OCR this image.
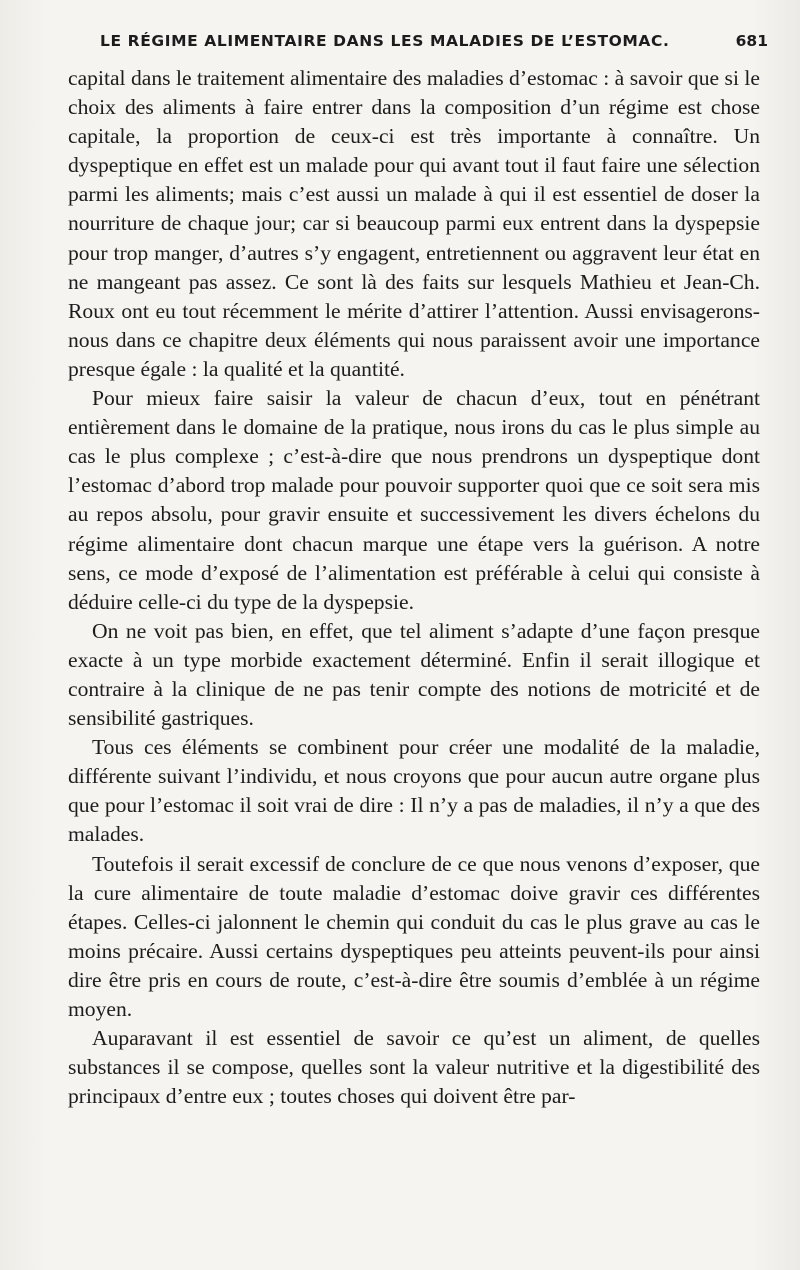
LE RÉGIME ALIMENTAIRE DANS LES MALADIES DE L’ESTOMAC.	681

capital dans le traitement alimentaire des maladies d’estomac : à savoir que si le choix des aliments à faire entrer dans la composition d’un régime est chose capitale, la proportion de ceux-ci est très importante à connaître. Un dyspeptique en effet est un malade pour qui avant tout il faut faire une sélection parmi les aliments; mais c’est aussi un malade à qui il est essentiel de doser la nourriture de chaque jour; car si beaucoup parmi eux entrent dans la dyspepsie pour trop manger, d’autres s’y engagent, entretiennent ou aggravent leur état en ne mangeant pas assez. Ce sont là des faits sur lesquels Mathieu et Jean-Ch. Roux ont eu tout récemment le mérite d’attirer l’attention. Aussi envisagerons-nous dans ce chapitre deux éléments qui nous paraissent avoir une importance presque égale : la qualité et la quantité.

Pour mieux faire saisir la valeur de chacun d’eux, tout en pénétrant entièrement dans le domaine de la pratique, nous irons du cas le plus simple au cas le plus complexe ; c’est-à-dire que nous prendrons un dyspeptique dont l’estomac d’abord trop malade pour pouvoir supporter quoi que ce soit sera mis au repos absolu, pour gravir ensuite et successivement les divers échelons du régime alimentaire dont chacun marque une étape vers la guérison. A notre sens, ce mode d’exposé de l’alimentation est préférable à celui qui consiste à déduire celle-ci du type de la dyspepsie.

On ne voit pas bien, en effet, que tel aliment s’adapte d’une façon presque exacte à un type morbide exactement déterminé. Enfin il serait illogique et contraire à la clinique de ne pas tenir compte des notions de motricité et de sensibilité gastriques.

Tous ces éléments se combinent pour créer une modalité de la maladie, différente suivant l’individu, et nous croyons que pour aucun autre organe plus que pour l’estomac il soit vrai de dire : Il n’y a pas de maladies, il n’y a que des malades.

Toutefois il serait excessif de conclure de ce que nous venons d’exposer, que la cure alimentaire de toute maladie d’estomac doive gravir ces différentes étapes. Celles-ci jalonnent le chemin qui conduit du cas le plus grave au cas le moins précaire. Aussi certains dyspeptiques peu atteints peuvent-ils pour ainsi dire être pris en cours de route, c’est-à-dire être soumis d’emblée à un régime moyen.

Auparavant il est essentiel de savoir ce qu’est un aliment, de quelles substances il se compose, quelles sont la valeur nutritive et la digestibilité des principaux d’entre eux ; toutes choses qui doivent être par-
